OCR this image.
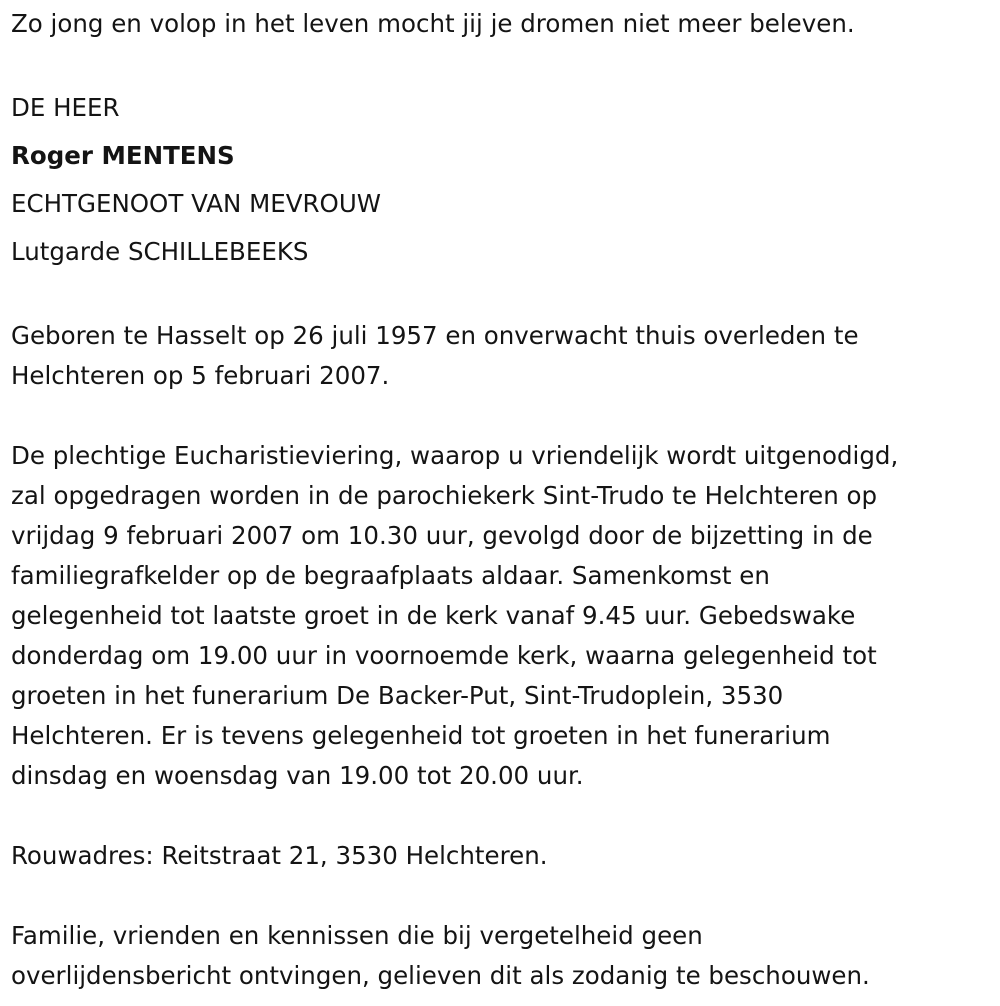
Zo jong en volop in het leven mocht jij je dromen niet meer beleven.

DE HEER

Roger MENTENS

ECHTGENOOT VAN MEVROUW

Lutgarde SCHILLEBEEKS

Geboren te Hasselt op 26 juli 1957 en onverwacht thuis overleden te

Helchteren op 5 februari 2007.

De plechtige Eucharistieviering, waarop u vriendelijk wordt uitgenodigd,

zal opgedragen worden in de parochiekerk Sint-Trudo te Helchteren op

vrijdag 9 februari 2007 om 10.30 uur, gevolgd door de bijzetting in de

familiegrafkelder op de begraafplaats aldaar. Samenkomst en

gelegenheid tot laatste groet in de kerk vanaf 9.45 uur. Gebedswake

donderdag om 19.00 uur in voornoemde kerk, waarna gelegenheid tot

groeten in het funerarium De Backer-Put, Sint-Trudoplein, 3530

Helchteren. Er is tevens gelegenheid tot groeten in het funerarium

dinsdag en woensdag van 19.00 tot 20.00 uur.

Rouwadres: Reitstraat 21, 3530 Helchteren.

Familie, vrienden en kennissen die bij vergetelheid geen

overlijdensbericht ontvingen, gelieven dit als zodanig te beschouwen.
